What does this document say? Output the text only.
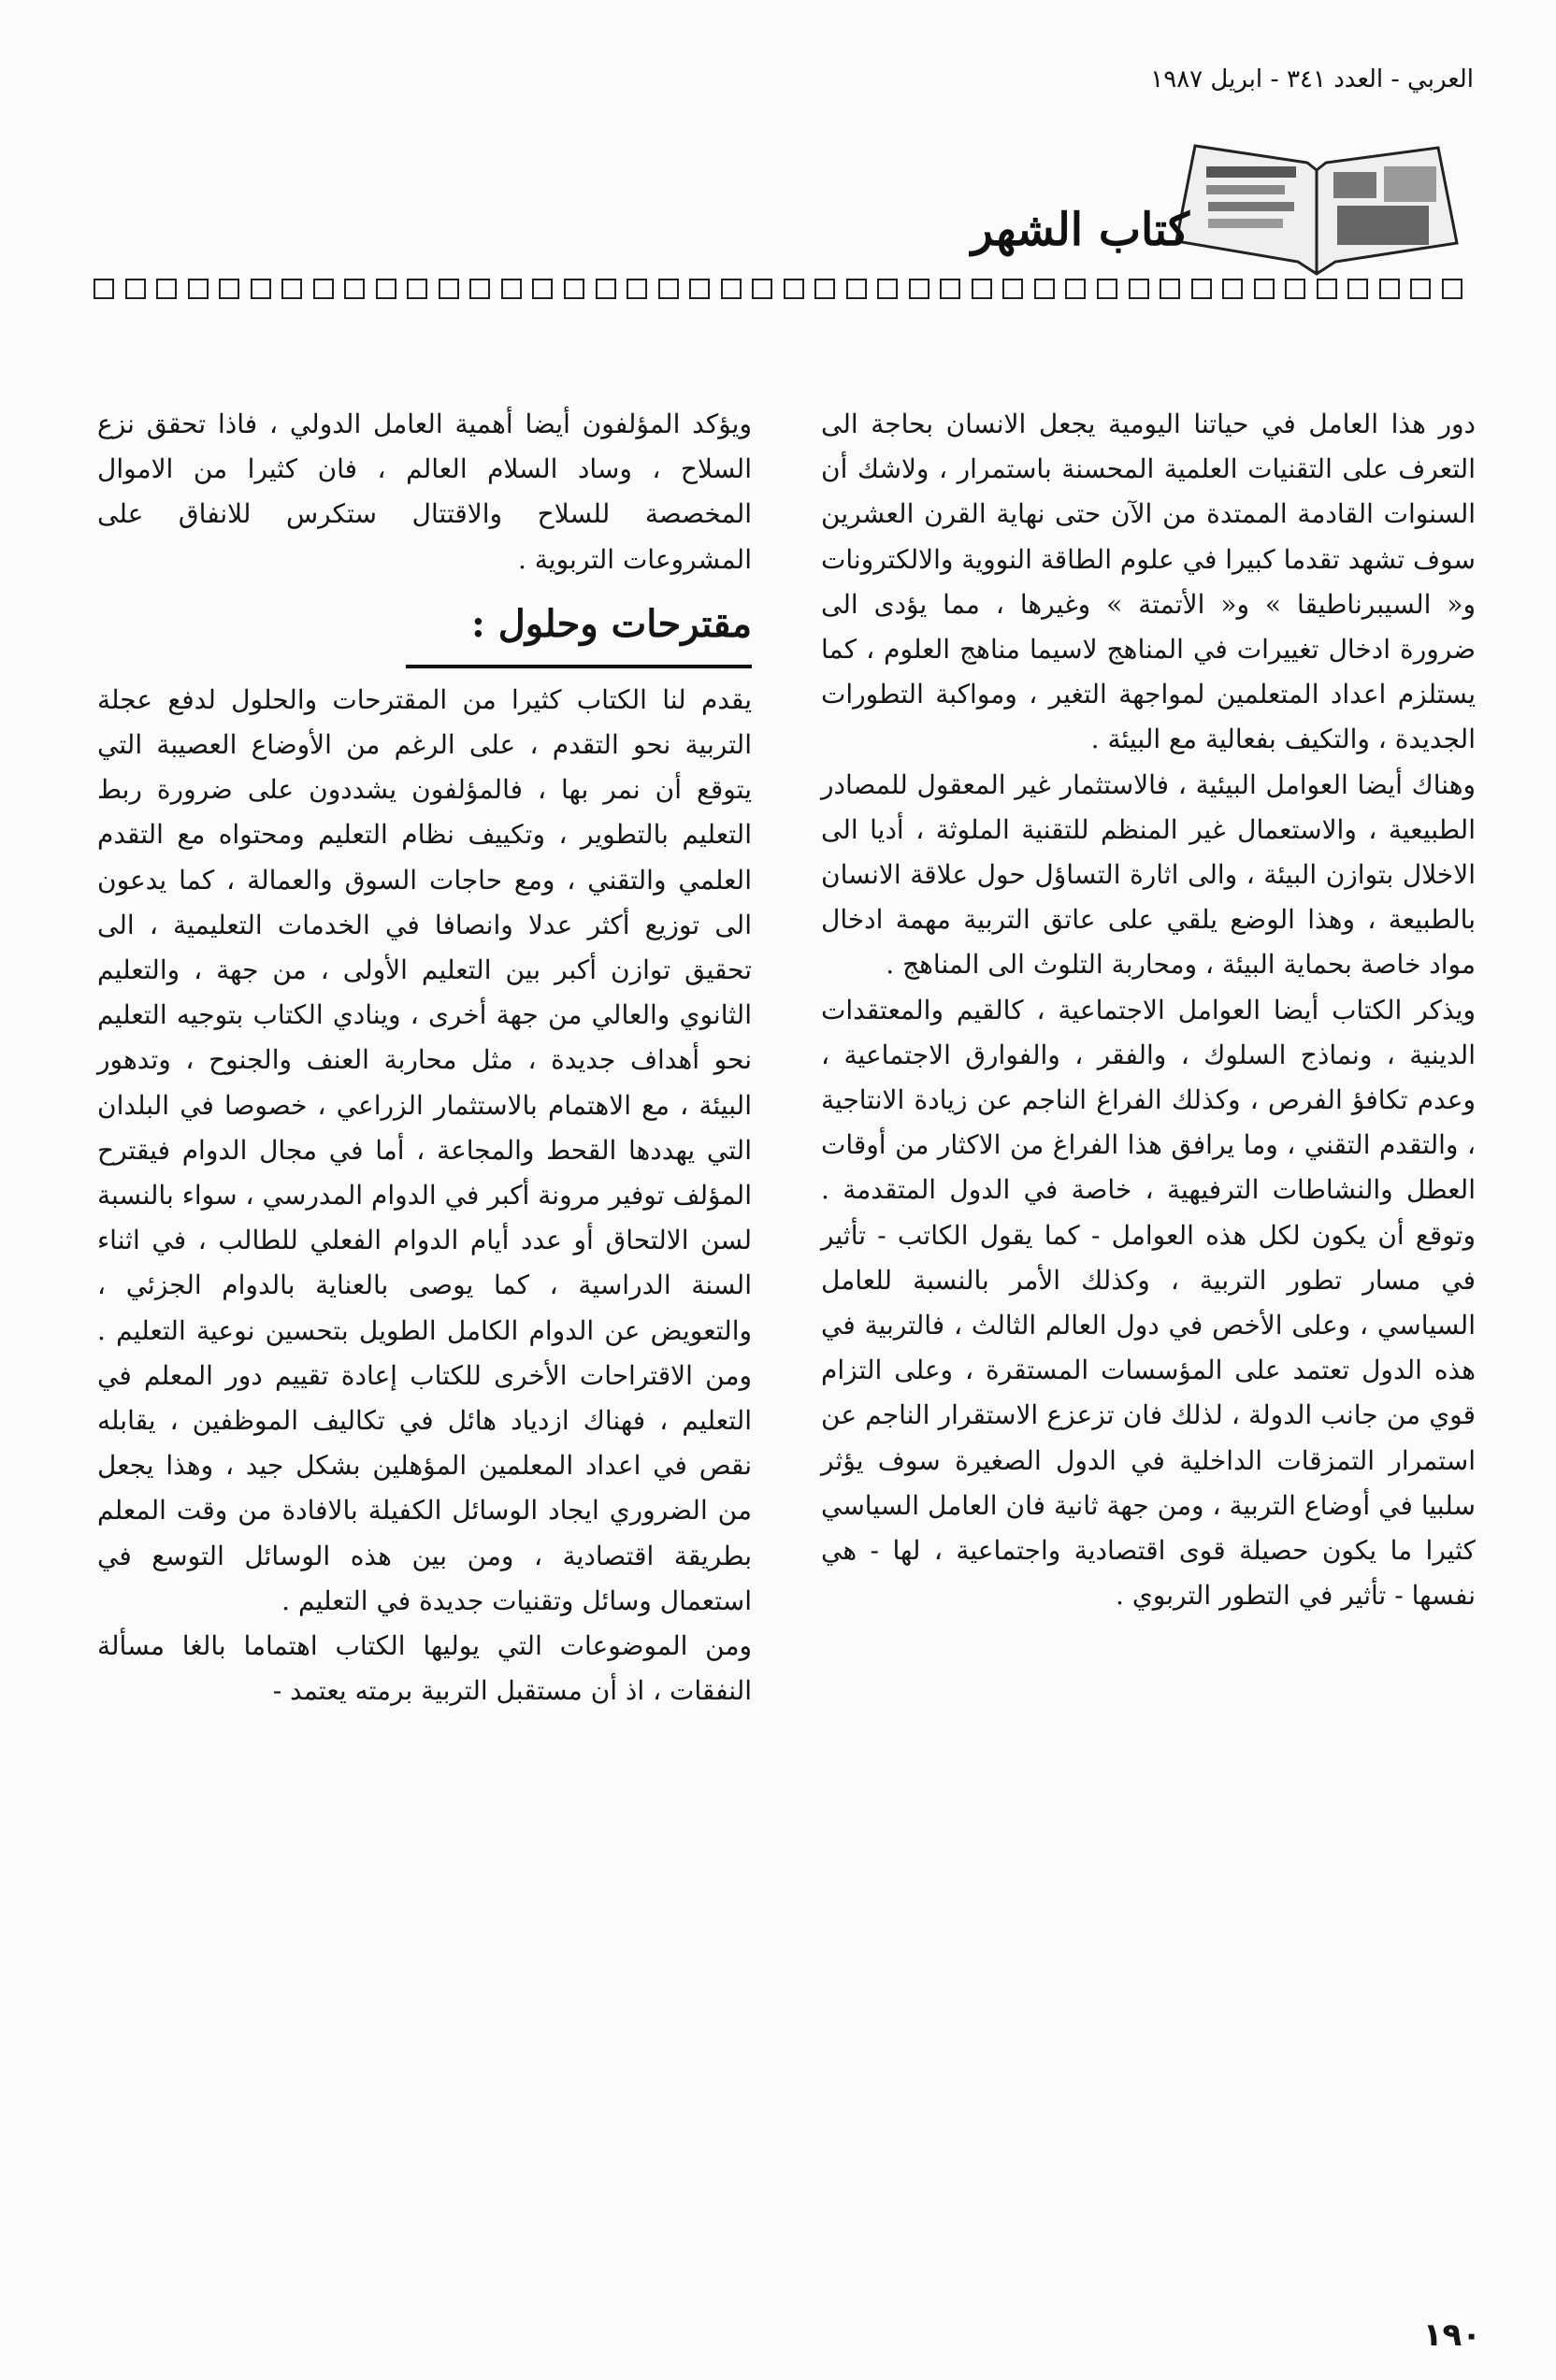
العربي - العدد ٣٤١ - ابريل ١٩٨٧
كتاب الشهر

دور هذا العامل في حياتنا اليومية يجعل الانسان بحاجة الى التعرف على التقنيات العلمية المحسنة باستمرار ، ولاشك أن السنوات القادمة الممتدة من الآن حتى نهاية القرن العشرين سوف تشهد تقدما كبيرا في علوم الطاقة النووية والالكترونات و« السيبرناطيقا » و« الأتمتة » وغيرها ، مما يؤدى الى ضرورة ادخال تغييرات في المناهج لاسيما مناهج العلوم ، كما يستلزم اعداد المتعلمين لمواجهة التغير ، ومواكبة التطورات الجديدة ، والتكيف بفعالية مع البيئة .

وهناك أيضا العوامل البيئية ، فالاستثمار غير المعقول للمصادر الطبيعية ، والاستعمال غير المنظم للتقنية الملوثة ، أديا الى الاخلال بتوازن البيئة ، والى اثارة التساؤل حول علاقة الانسان بالطبيعة ، وهذا الوضع يلقي على عاتق التربية مهمة ادخال مواد خاصة بحماية البيئة ، ومحاربة التلوث الى المناهج .

ويذكر الكتاب أيضا العوامل الاجتماعية ، كالقيم والمعتقدات الدينية ، ونماذج السلوك ، والفقر ، والفوارق الاجتماعية ، وعدم تكافؤ الفرص ، وكذلك الفراغ الناجم عن زيادة الانتاجية ، والتقدم التقني ، وما يرافق هذا الفراغ من الاكثار من أوقات العطل والنشاطات الترفيهية ، خاصة في الدول المتقدمة . وتوقع أن يكون لكل هذه العوامل - كما يقول الكاتب - تأثير في مسار تطور التربية ، وكذلك الأمر بالنسبة للعامل السياسي ، وعلى الأخص في دول العالم الثالث ، فالتربية في هذه الدول تعتمد على المؤسسات المستقرة ، وعلى التزام قوي من جانب الدولة ، لذلك فان تزعزع الاستقرار الناجم عن استمرار التمزقات الداخلية في الدول الصغيرة سوف يؤثر سلبيا في أوضاع التربية ، ومن جهة ثانية فان العامل السياسي كثيرا ما يكون حصيلة قوى اقتصادية واجتماعية ، لها - هي نفسها - تأثير في التطور التربوي .

ويؤكد المؤلفون أيضا أهمية العامل الدولي ، فاذا تحقق نزع السلاح ، وساد السلام العالم ، فان كثيرا من الاموال المخصصة للسلاح والاقتتال ستكرس للانفاق على المشروعات التربوية .

مقترحات وحلول :

يقدم لنا الكتاب كثيرا من المقترحات والحلول لدفع عجلة التربية نحو التقدم ، على الرغم من الأوضاع العصيبة التي يتوقع أن نمر بها ، فالمؤلفون يشددون على ضرورة ربط التعليم بالتطوير ، وتكييف نظام التعليم ومحتواه مع التقدم العلمي والتقني ، ومع حاجات السوق والعمالة ، كما يدعون الى توزيع أكثر عدلا وانصافا في الخدمات التعليمية ، الى تحقيق توازن أكبر بين التعليم الأولى ، من جهة ، والتعليم الثانوي والعالي من جهة أخرى ، وينادي الكتاب بتوجيه التعليم نحو أهداف جديدة ، مثل محاربة العنف والجنوح ، وتدهور البيئة ، مع الاهتمام بالاستثمار الزراعي ، خصوصا في البلدان التي يهددها القحط والمجاعة ، أما في مجال الدوام فيقترح المؤلف توفير مرونة أكبر في الدوام المدرسي ، سواء بالنسبة لسن الالتحاق أو عدد أيام الدوام الفعلي للطالب ، في اثناء السنة الدراسية ، كما يوصى بالعناية بالدوام الجزئي ، والتعويض عن الدوام الكامل الطويل بتحسين نوعية التعليم . ومن الاقتراحات الأخرى للكتاب إعادة تقييم دور المعلم في التعليم ، فهناك ازدياد هائل في تكاليف الموظفين ، يقابله نقص في اعداد المعلمين المؤهلين بشكل جيد ، وهذا يجعل من الضروري ايجاد الوسائل الكفيلة بالافادة من وقت المعلم بطريقة اقتصادية ، ومن بين هذه الوسائل التوسع في استعمال وسائل وتقنيات جديدة في التعليم .

ومن الموضوعات التي يوليها الكتاب اهتماما بالغا مسألة النفقات ، اذ أن مستقبل التربية برمته يعتمد -

١٩٠
